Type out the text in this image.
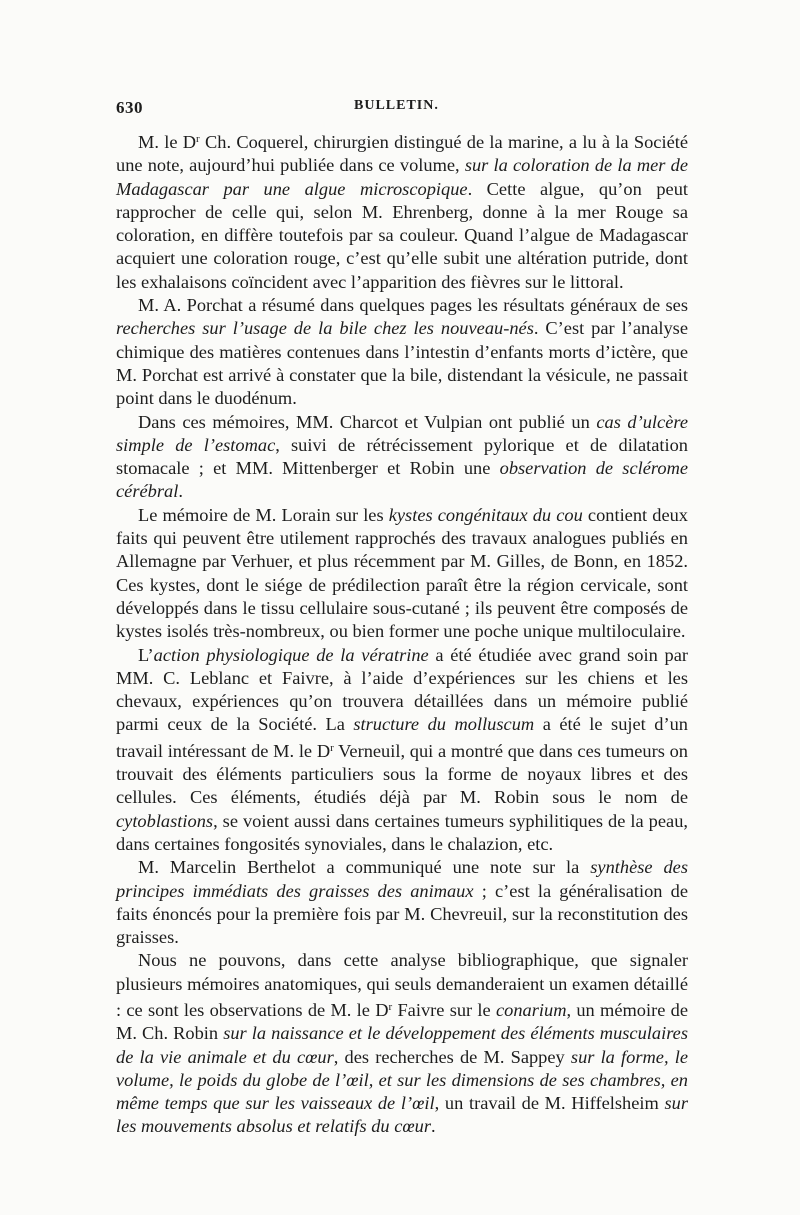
630	BULLETIN.

M. le $D^r$ Ch. Coquerel, chirurgien distingué de la marine, a lu à la Société une note, aujourd’hui publiée dans ce volume, sur la coloration de la mer de Madagascar par une algue microscopique. Cette algue, qu’on peut rapprocher de celle qui, selon M. Ehrenberg, donne à la mer Rouge sa coloration, en diffère toutefois par sa couleur. Quand l’algue de Madagascar acquiert une coloration rouge, c’est qu’elle subit une altération putride, dont les exhalaisons coïncident avec l’apparition des fièvres sur le littoral.

M. A. Porchat a résumé dans quelques pages les résultats généraux de ses recherches sur l’usage de la bile chez les nouveau-nés. C’est par l’analyse chimique des matières contenues dans l’intestin d’enfants morts d’ictère, que M. Porchat est arrivé à constater que la bile, distendant la vésicule, ne passait point dans le duodénum.

Dans ces mémoires, MM. Charcot et Vulpian ont publié un cas d’ulcère simple de l’estomac, suivi de rétrécissement pylorique et de dilatation stomacale ; et MM. Mittenberger et Robin une observation de sclérome cérébral.

Le mémoire de M. Lorain sur les kystes congénitaux du cou contient deux faits qui peuvent être utilement rapprochés des travaux analogues publiés en Allemagne par Verhuer, et plus récemment par M. Gilles, de Bonn, en 1852. Ces kystes, dont le siége de prédilection paraît être la région cervicale, sont développés dans le tissu cellulaire sous-cutané ; ils peuvent être composés de kystes isolés très-nombreux, ou bien former une poche unique multiloculaire.

L’action physiologique de la vératrine a été étudiée avec grand soin par MM. C. Leblanc et Faivre, à l’aide d’expériences sur les chiens et les chevaux, expériences qu’on trouvera détaillées dans un mémoire publié parmi ceux de la Société. La structure du molluscum a été le sujet d’un travail intéressant de M. le $D^r$ Verneuil, qui a montré que dans ces tumeurs on trouvait des éléments particuliers sous la forme de noyaux libres et des cellules. Ces éléments, étudiés déjà par M. Robin sous le nom de cytoblastions, se voient aussi dans certaines tumeurs syphilitiques de la peau, dans certaines fongosités synoviales, dans le chalazion, etc.

M. Marcelin Berthelot a communiqué une note sur la synthèse des principes immédiats des graisses des animaux ; c’est la généralisation de faits énoncés pour la première fois par M. Chevreuil, sur la reconstitution des graisses.

Nous ne pouvons, dans cette analyse bibliographique, que signaler plusieurs mémoires anatomiques, qui seuls demanderaient un examen détaillé : ce sont les observations de M. le $D^r$ Faivre sur le conarium, un mémoire de M. Ch. Robin sur la naissance et le développement des éléments musculaires de la vie animale et du cœur, des recherches de M. Sappey sur la forme, le volume, le poids du globe de l’œil, et sur les dimensions de ses chambres, en même temps que sur les vaisseaux de l’œil, un travail de M. Hiffelsheim sur les mouvements absolus et relatifs du cœur.
